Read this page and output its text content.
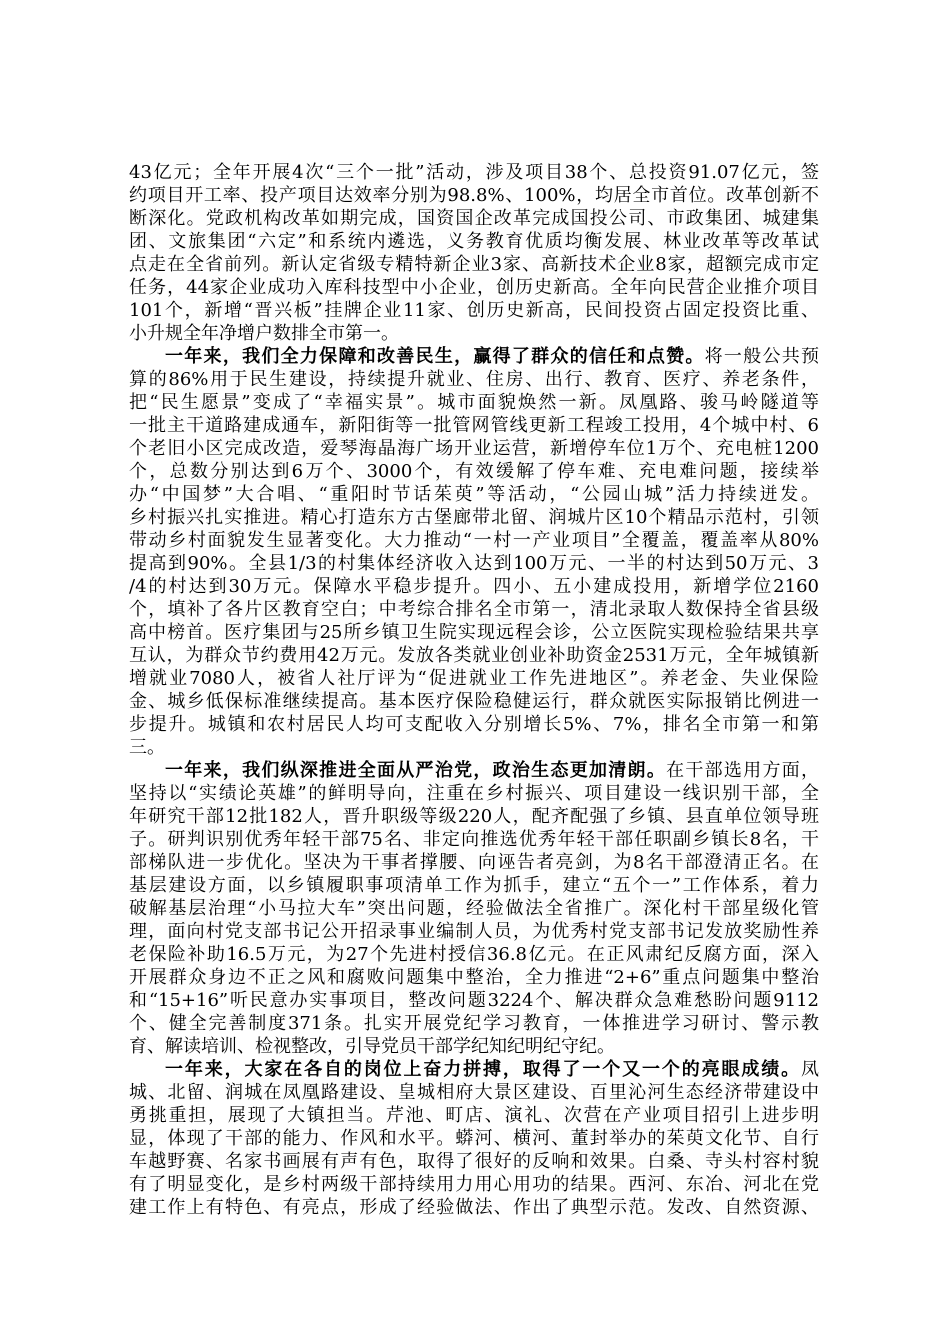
43亿元；全年开展4次“三个一批”活动，涉及项目38个、总投资91.07亿元，签
约项目开工率、投产项目达效率分别为98.8%、100%，均居全市首位。改革创新不
断深化。党政机构改革如期完成，国资国企改革完成国投公司、市政集团、城建集
团、文旅集团“六定”和系统内遴选，义务教育优质均衡发展、林业改革等改革试
点走在全省前列。新认定省级专精特新企业3家、高新技术企业8家，超额完成市定
任务，44家企业成功入库科技型中小企业，创历史新高。全年向民营企业推介项目
101个，新增“晋兴板”挂牌企业11家、创历史新高，民间投资占固定投资比重、
小升规全年净增户数排全市第一。
一年来，我们全力保障和改善民生，赢得了群众的信任和点赞。将一般公共预
算的86%用于民生建设，持续提升就业、住房、出行、教育、医疗、养老条件，
把“民生愿景”变成了“幸福实景”。城市面貌焕然一新。凤凰路、骏马岭隧道等
一批主干道路建成通车，新阳街等一批管网管线更新工程竣工投用，4个城中村、6
个老旧小区完成改造，爱琴海晶海广场开业运营，新增停车位1万个、充电桩1200
个，总数分别达到6万个、3000个，有效缓解了停车难、充电难问题，接续举
办“中国梦”大合唱、“重阳时节话茱萸”等活动，“公园山城”活力持续迸发。
乡村振兴扎实推进。精心打造东方古堡廊带北留、润城片区10个精品示范村，引领
带动乡村面貌发生显著变化。大力推动“一村一产业项目”全覆盖，覆盖率从80%
提高到90%。全县1/3的村集体经济收入达到100万元、一半的村达到50万元、3
/4的村达到30万元。保障水平稳步提升。四小、五小建成投用，新增学位2160
个，填补了各片区教育空白；中考综合排名全市第一，清北录取人数保持全省县级
高中榜首。医疗集团与25所乡镇卫生院实现远程会诊，公立医院实现检验结果共享
互认，为群众节约费用42万元。发放各类就业创业补助资金2531万元，全年城镇新
增就业7080人，被省人社厅评为“促进就业工作先进地区”。养老金、失业保险
金、城乡低保标准继续提高。基本医疗保险稳健运行，群众就医实际报销比例进一
步提升。城镇和农村居民人均可支配收入分别增长5%、7%，排名全市第一和第
三。
一年来，我们纵深推进全面从严治党，政治生态更加清朗。在干部选用方面，
坚持以“实绩论英雄”的鲜明导向，注重在乡村振兴、项目建设一线识别干部，全
年研究干部12批182人，晋升职级等级220人，配齐配强了乡镇、县直单位领导班
子。研判识别优秀年轻干部75名、非定向推选优秀年轻干部任职副乡镇长8名，干
部梯队进一步优化。坚决为干事者撑腰、向诬告者亮剑，为8名干部澄清正名。在
基层建设方面，以乡镇履职事项清单工作为抓手，建立“五个一”工作体系，着力
破解基层治理“小马拉大车”突出问题，经验做法全省推广。深化村干部星级化管
理，面向村党支部书记公开招录事业编制人员，为优秀村党支部书记发放奖励性养
老保险补助16.5万元，为27个先进村授信36.8亿元。在正风肃纪反腐方面，深入
开展群众身边不正之风和腐败问题集中整治，全力推进“2+6”重点问题集中整治
和“15+16”听民意办实事项目，整改问题3224个、解决群众急难愁盼问题9112
个、健全完善制度371条。扎实开展党纪学习教育，一体推进学习研讨、警示教
育、解读培训、检视整改，引导党员干部学纪知纪明纪守纪。
一年来，大家在各自的岗位上奋力拼搏，取得了一个又一个的亮眼成绩。凤
城、北留、润城在凤凰路建设、皇城相府大景区建设、百里沁河生态经济带建设中
勇挑重担，展现了大镇担当。芹池、町店、演礼、次营在产业项目招引上进步明
显，体现了干部的能力、作风和水平。蟒河、横河、董封举办的茱萸文化节、自行
车越野赛、名家书画展有声有色，取得了很好的反响和效果。白桑、寺头村容村貌
有了明显变化，是乡村两级干部持续用力用心用功的结果。西河、东冶、河北在党
建工作上有特色、有亮点，形成了经验做法、作出了典型示范。发改、自然资源、
